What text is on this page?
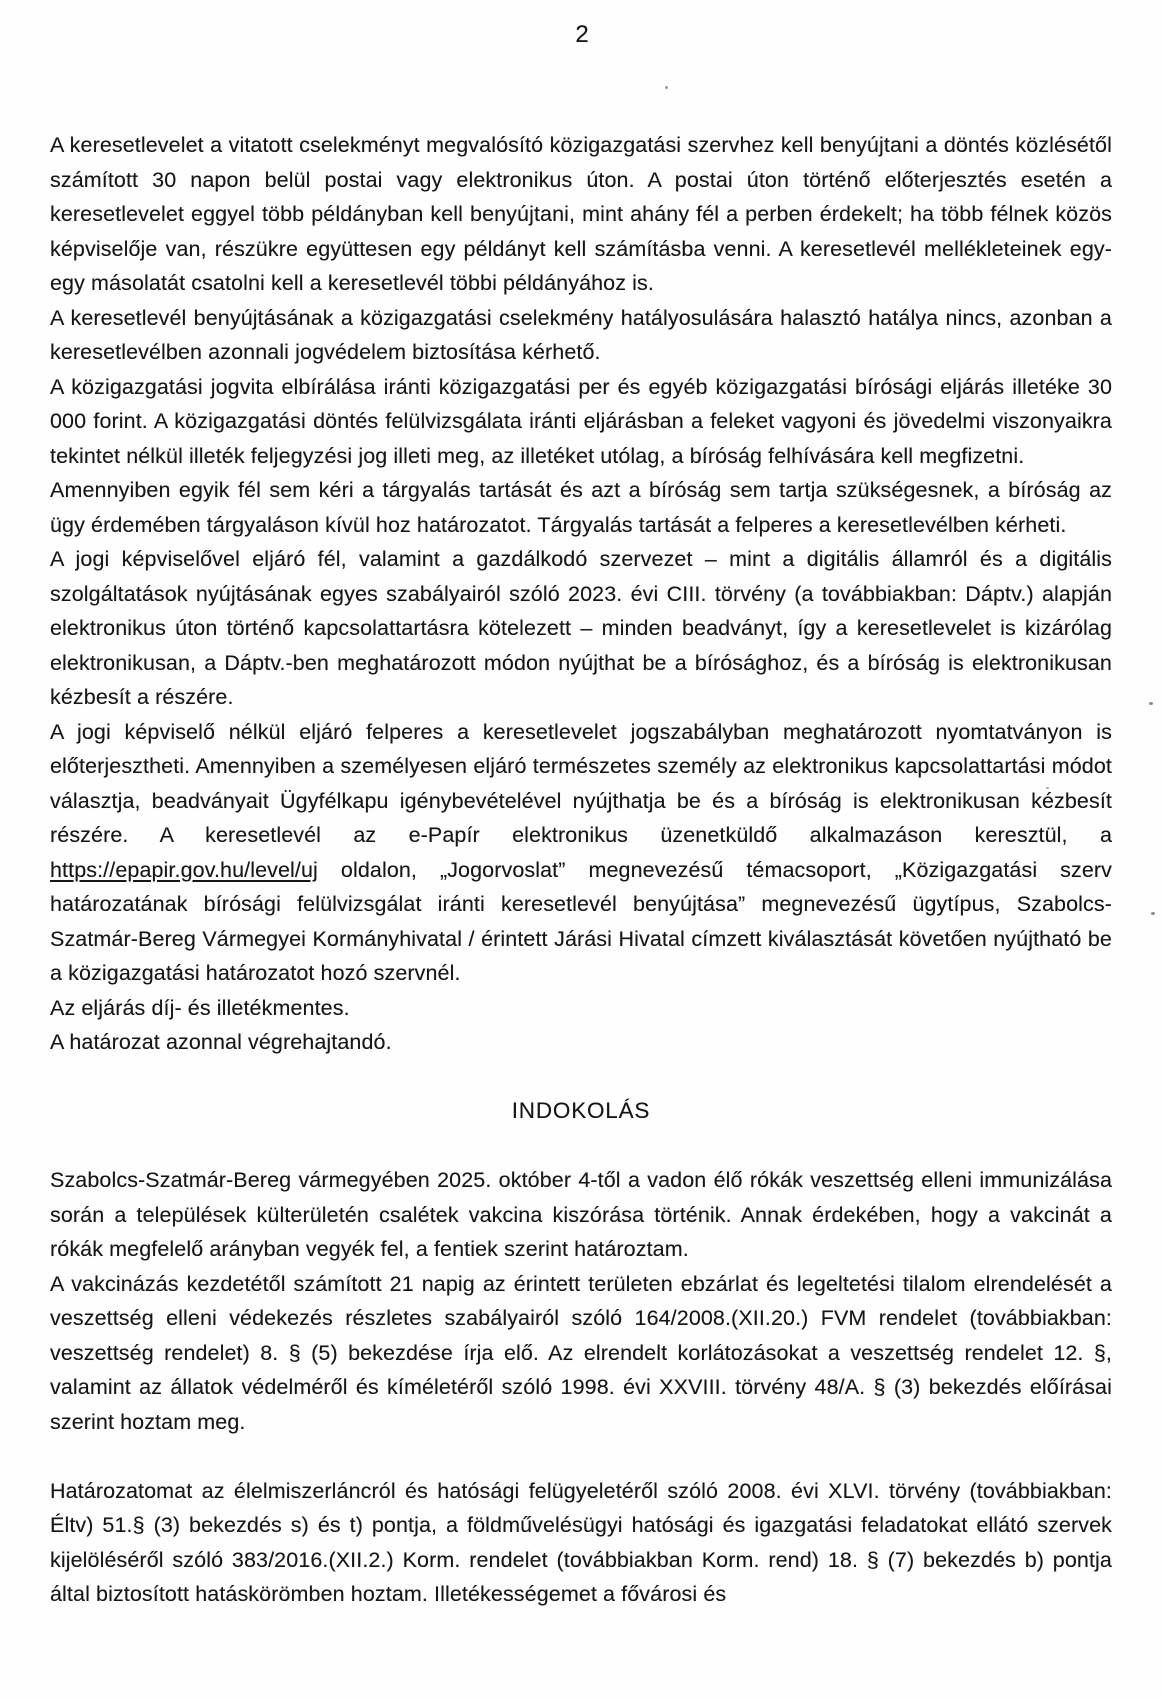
2

A keresetlevelet a vitatott cselekményt megvalósító közigazgatási szervhez kell benyújtani a döntés közlésétől számított 30 napon belül postai vagy elektronikus úton. A postai úton történő előterjesztés esetén a keresetlevelet eggyel több példányban kell benyújtani, mint ahány fél a perben érdekelt; ha több félnek közös képviselője van, részükre együttesen egy példányt kell számításba venni. A keresetlevél mellékleteinek egy-egy másolatát csatolni kell a keresetlevél többi példányához is.

A keresetlevél benyújtásának a közigazgatási cselekmény hatályosulására halasztó hatálya nincs, azonban a keresetlevélben azonnali jogvédelem biztosítása kérhető.

A közigazgatási jogvita elbírálása iránti közigazgatási per és egyéb közigazgatási bírósági eljárás illetéke 30 000 forint. A közigazgatási döntés felülvizsgálata iránti eljárásban a feleket vagyoni és jövedelmi viszonyaikra tekintet nélkül illeték feljegyzési jog illeti meg, az illetéket utólag, a bíróság felhívására kell megfizetni.

Amennyiben egyik fél sem kéri a tárgyalás tartását és azt a bíróság sem tartja szükségesnek, a bíróság az ügy érdemében tárgyaláson kívül hoz határozatot. Tárgyalás tartását a felperes a keresetlevélben kérheti.

A jogi képviselővel eljáró fél, valamint a gazdálkodó szervezet – mint a digitális államról és a digitális szolgáltatások nyújtásának egyes szabályairól szóló 2023. évi CIII. törvény (a továbbiakban: Dáptv.) alapján elektronikus úton történő kapcsolattartásra kötelezett – minden beadványt, így a keresetlevelet is kizárólag elektronikusan, a Dáptv.-ben meghatározott módon nyújthat be a bírósághoz, és a bíróság is elektronikusan kézbesít a részére.

A jogi képviselő nélkül eljáró felperes a keresetlevelet jogszabályban meghatározott nyomtatványon is előterjesztheti. Amennyiben a személyesen eljáró természetes személy az elektronikus kapcsolattartási módot választja, beadványait Ügyfélkapu igénybevételével nyújthatja be és a bíróság is elektronikusan kézbesít részére. A keresetlevél az e-Papír elektronikus üzenetküldő alkalmazáson keresztül, a https://epapir.gov.hu/level/uj oldalon, „Jogorvoslat” megnevezésű témacsoport, „Közigazgatási szerv határozatának bírósági felülvizsgálat iránti keresetlevél benyújtása” megnevezésű ügytípus, Szabolcs-Szatmár-Bereg Vármegyei Kormányhivatal / érintett Járási Hivatal címzett kiválasztását követően nyújtható be a közigazgatási határozatot hozó szervnél.

Az eljárás díj- és illetékmentes.

A határozat azonnal végrehajtandó.

INDOKOLÁS

Szabolcs-Szatmár-Bereg vármegyében 2025. október 4-től a vadon élő rókák veszettség elleni immunizálása során a települések külterületén csalétek vakcina kiszórása történik. Annak érdekében, hogy a vakcinát a rókák megfelelő arányban vegyék fel, a fentiek szerint határoztam.

A vakcinázás kezdetétől számított 21 napig az érintett területen ebzárlat és legeltetési tilalom elrendelését a veszettség elleni védekezés részletes szabályairól szóló 164/2008.(XII.20.) FVM rendelet (továbbiakban: veszettség rendelet) 8. § (5) bekezdése írja elő. Az elrendelt korlátozásokat a veszettség rendelet 12. §, valamint az állatok védelméről és kíméletéről szóló 1998. évi XXVIII. törvény 48/A. § (3) bekezdés előírásai szerint hoztam meg.

Határozatomat az élelmiszerláncról és hatósági felügyeletéről szóló 2008. évi XLVI. törvény (továbbiakban: Éltv) 51.§ (3) bekezdés s) és t) pontja, a földművelésügyi hatósági és igazgatási feladatokat ellátó szervek kijelöléséről szóló 383/2016.(XII.2.) Korm. rendelet (továbbiakban Korm. rend) 18. § (7) bekezdés b) pontja által biztosított hatáskörömben hoztam. Illetékességemet a fővárosi és
